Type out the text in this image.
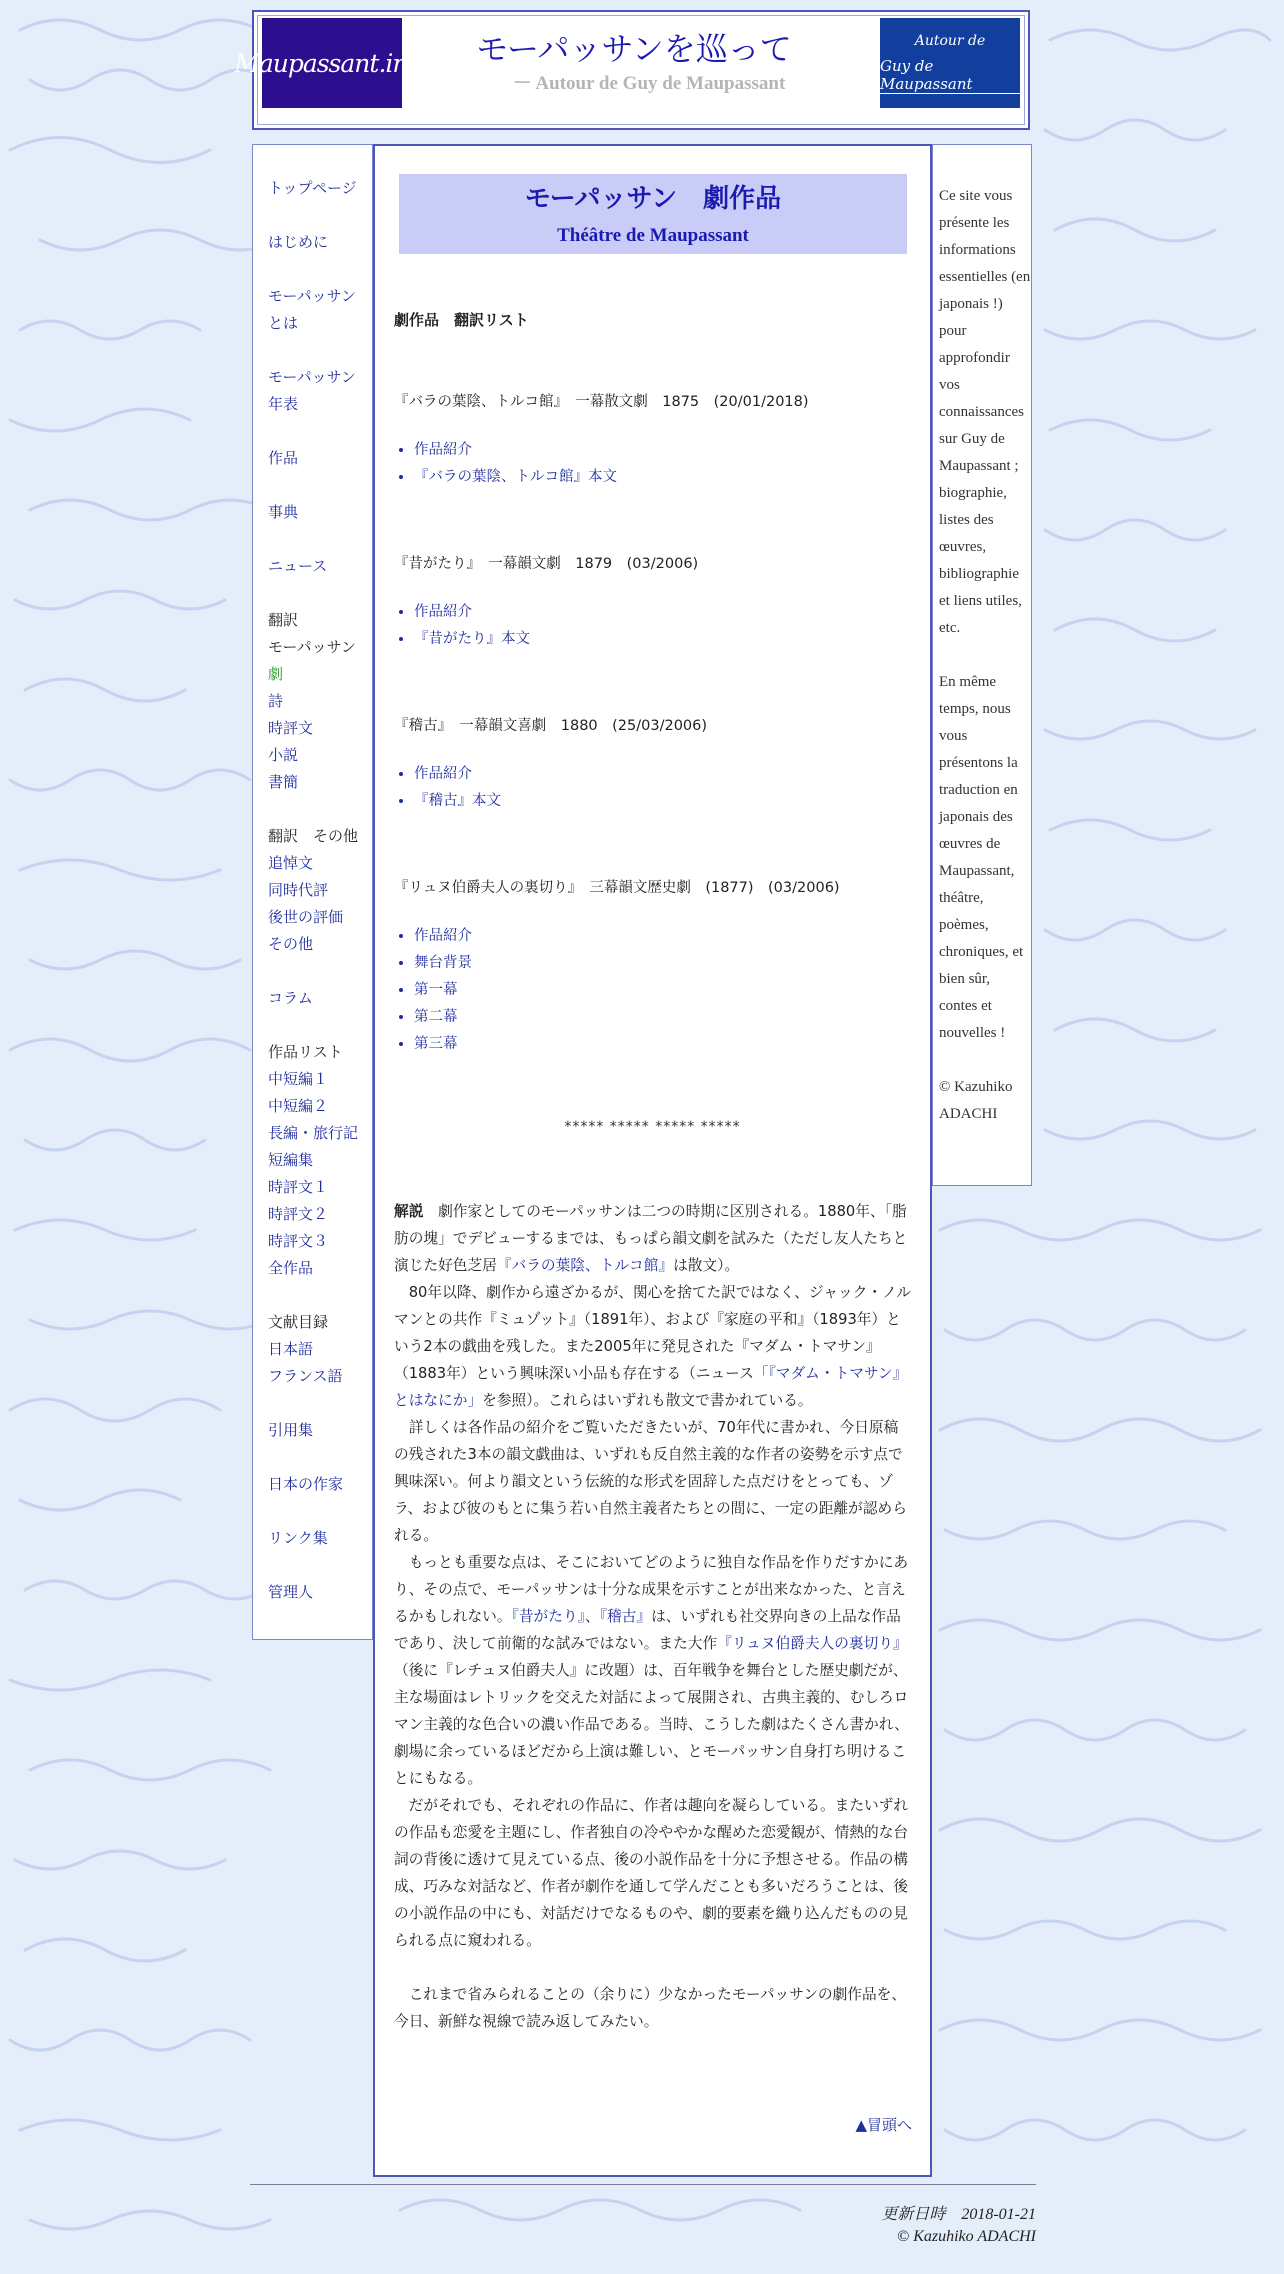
Maupassant.info	モーパッサンを巡って
－ Autour de Guy de Maupassant
Autour de
Guy de Maupassant
トップページ
はじめに
モーパッサン
とは
モーパッサン
年表
作品
事典
ニュース
翻訳
モーパッサン
劇
詩
時評文
小説
書簡
翻訳　その他
追悼文
同時代評
後世の評価
その他
コラム
作品リスト
中短編１
中短編２
長編・旅行記
短編集
時評文１
時評文２
時評文３
全作品
文献目録
日本語
フランス語
引用集
日本の作家
リンク集
管理人
モーパッサン　劇作品
Théâtre de Maupassant
劇作品　翻訳リスト
『バラの葉陰、トルコ館』　一幕散文劇　1875　(20/01/2018)
• 作品紹介
• 『バラの葉陰、トルコ館』本文
『昔がたり』　一幕韻文劇　1879　(03/2006)
• 作品紹介
• 『昔がたり』本文
『稽古』　一幕韻文喜劇　1880　(25/03/2006)
• 作品紹介
• 『稽古』本文
『リュヌ伯爵夫人の裏切り』　三幕韻文歴史劇　(1877)　(03/2006)
• 作品紹介
• 舞台背景
• 第一幕
• 第二幕
• 第三幕
***** ***** ***** *****

解説　劇作家としてのモーパッサンは二つの時期に区別される。1880年、「脂肪の塊」でデビューするまでは、もっぱら韻文劇を試みた（ただし友人たちと演じた好色芝居『バラの葉陰、トルコ館』は散文）。

　80年以降、劇作から遠ざかるが、関心を捨てた訳ではなく、ジャック・ノルマンとの共作『ミュゾット』（1891年）、および『家庭の平和』（1893年）という2本の戯曲を残した。また2005年に発見された『マダム・トマサン』（1883年）という興味深い小品も存在する（ニュース「『マダム・トマサン』とはなにか」を参照）。これらはいずれも散文で書かれている。

　詳しくは各作品の紹介をご覧いただきたいが、70年代に書かれ、今日原稿の残された3本の韻文戯曲は、いずれも反自然主義的な作者の姿勢を示す点で興味深い。何より韻文という伝統的な形式を固辞した点だけをとっても、ゾラ、および彼のもとに集う若い自然主義者たちとの間に、一定の距離が認められる。

　もっとも重要な点は、そこにおいてどのように独自な作品を作りだすかにあり、その点で、モーパッサンは十分な成果を示すことが出来なかった、と言えるかもしれない。『昔がたり』、『稽古』は、いずれも社交界向きの上品な作品であり、決して前衛的な試みではない。また大作『リュヌ伯爵夫人の裏切り』（後に『レチュヌ伯爵夫人』に改題）は、百年戦争を舞台とした歴史劇だが、主な場面はレトリックを交えた対話によって展開され、古典主義的、むしろロマン主義的な色合いの濃い作品である。当時、こうした劇はたくさん書かれ、劇場に余っているほどだから上演は難しい、とモーパッサン自身打ち明けることにもなる。

　だがそれでも、それぞれの作品に、作者は趣向を凝らしている。またいずれの作品も恋愛を主題にし、作者独自の冷ややかな醒めた恋愛観が、情熱的な台詞の背後に透けて見えている点、後の小説作品を十分に予想させる。作品の構成、巧みな対話など、作者が劇作を通して学んだことも多いだろうことは、後の小説作品の中にも、対話だけでなるものや、劇的要素を織り込んだものの見られる点に窺われる。

　これまで省みられることの（余りに）少なかったモーパッサンの劇作品を、今日、新鮮な視線で読み返してみたい。

▲冒頭へ

Ce site vous présente les informations essentielles (en japonais !) pour approfondir vos connaissances sur Guy de Maupassant ; biographie, listes des œuvres, bibliographie et liens utiles, etc.

En même temps, nous vous présentons la traduction en japonais des œuvres de Maupassant, théâtre, poèmes, chroniques, et bien sûr, contes et nouvelles !

© Kazuhiko ADACHI

更新日時　2018-01-21
© Kazuhiko ADACHI
